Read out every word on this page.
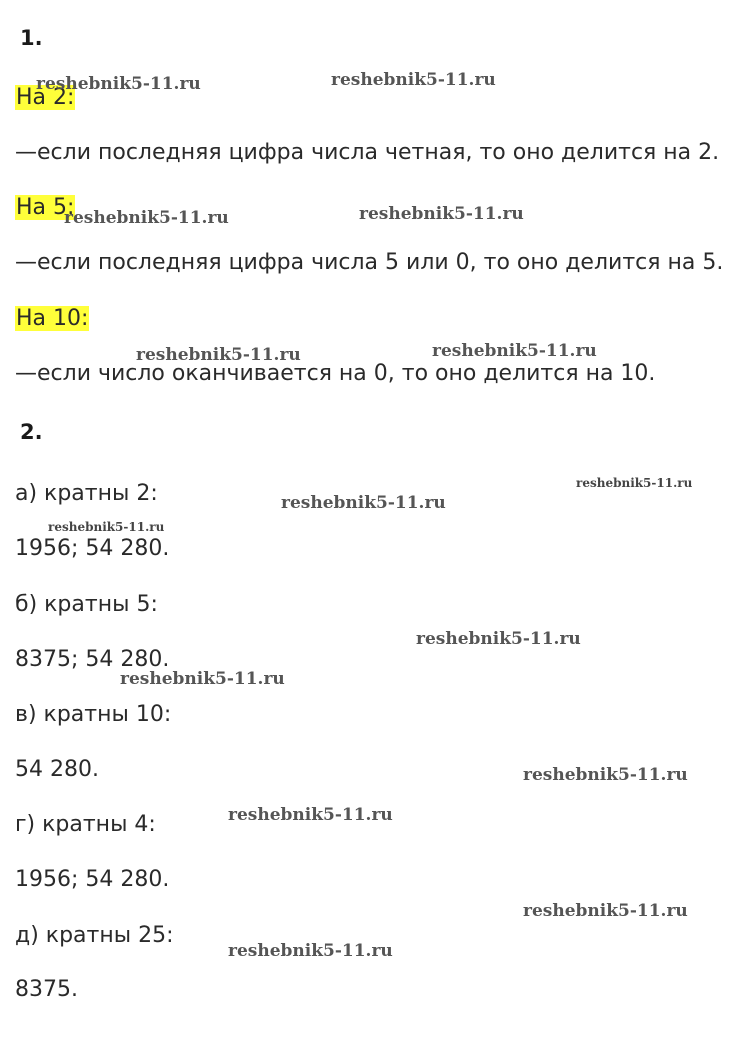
1.
На 2:
—если последняя цифра числа четная, то оно делится на 2.
На 5:
—если последняя цифра числа 5 или 0, то оно делится на 5.
На 10:
—если число оканчивается на 0, то оно делится на 10.
2.
а) кратны 2:
1956; 54 280.
б) кратны 5:
8375; 54 280.
в) кратны 10:
54 280.
г) кратны 4:
1956; 54 280.
д) кратны 25:
8375.
reshebnik5-11.ru	reshebnik5-11.ru
reshebnik5-11.ru	reshebnik5-11.ru
reshebnik5-11.ru	reshebnik5-11.ru
reshebnik5-11.ru
reshebnik5-11.ru
reshebnik5-11.ru
reshebnik5-11.ru
reshebnik5-11.ru
reshebnik5-11.ru
reshebnik5-11.ru
reshebnik5-11.ru
reshebnik5-11.ru
